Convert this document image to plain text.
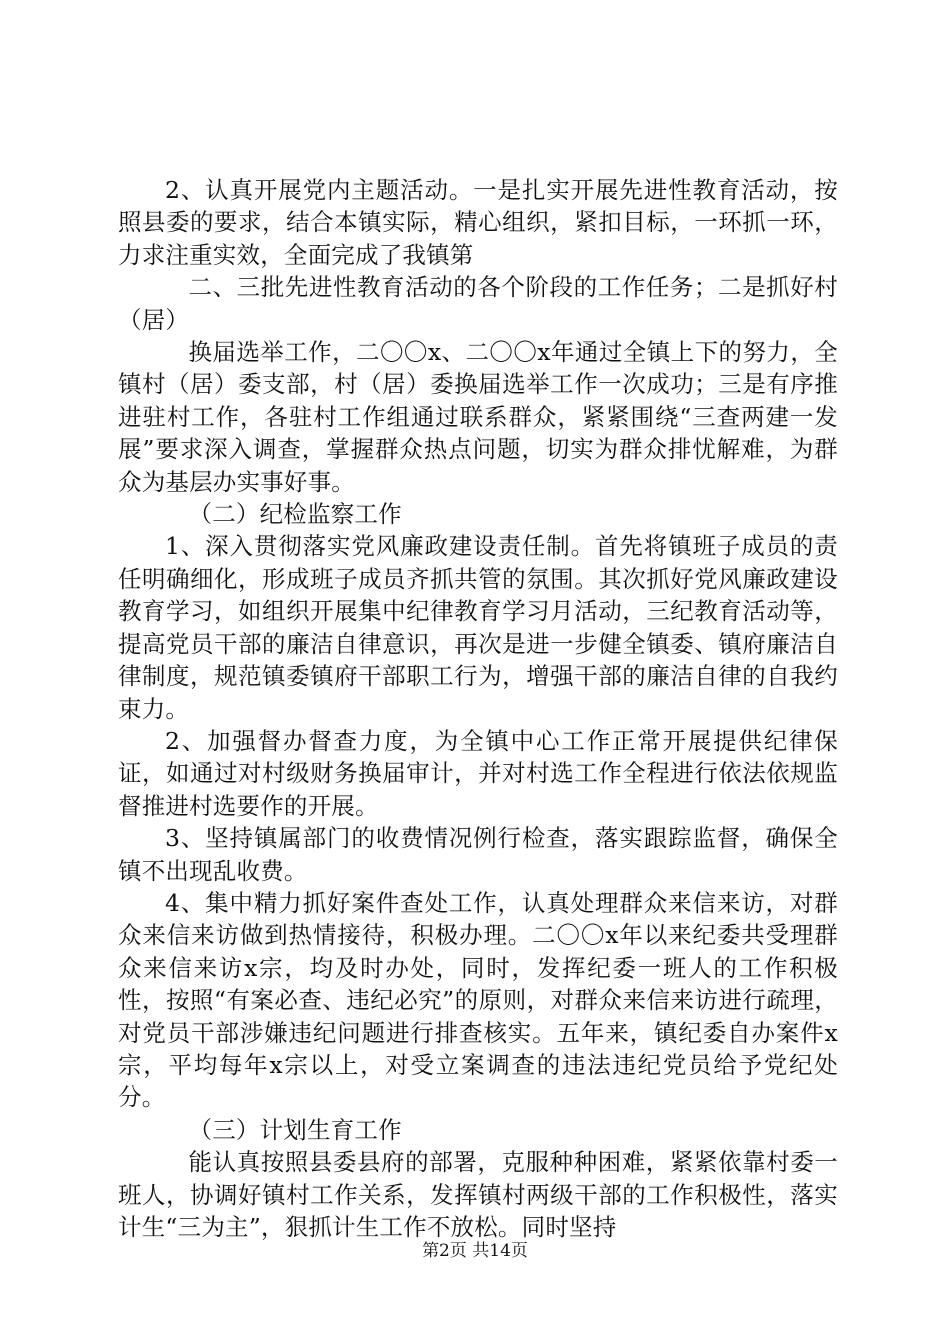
2、认真开展党内主题活动。一是扎实开展先进性教育活动，按照县委的要求，结合本镇实际，精心组织，紧扣目标，一环抓一环，力求注重实效，全面完成了我镇第

二、三批先进性教育活动的各个阶段的工作任务；二是抓好村（居）

换届选举工作，二〇〇x、二〇〇x年通过全镇上下的努力，全镇村（居）委支部，村（居）委换届选举工作一次成功；三是有序推进驻村工作，各驻村工作组通过联系群众，紧紧围绕“三查两建一发展”要求深入调查，掌握群众热点问题，切实为群众排忧解难，为群众为基层办实事好事。

（二）纪检监察工作

1、深入贯彻落实党风廉政建设责任制。首先将镇班子成员的责任明确细化，形成班子成员齐抓共管的氛围。其次抓好党风廉政建设教育学习，如组织开展集中纪律教育学习月活动，三纪教育活动等，提高党员干部的廉洁自律意识，再次是进一步健全镇委、镇府廉洁自律制度，规范镇委镇府干部职工行为，增强干部的廉洁自律的自我约束力。

2、加强督办督查力度，为全镇中心工作正常开展提供纪律保证，如通过对村级财务换届审计，并对村选工作全程进行依法依规监督推进村选要作的开展。

3、坚持镇属部门的收费情况例行检查，落实跟踪监督，确保全镇不出现乱收费。

4、集中精力抓好案件查处工作，认真处理群众来信来访，对群众来信来访做到热情接待，积极办理。二〇〇x年以来纪委共受理群众来信来访x宗，均及时办处，同时，发挥纪委一班人的工作积极性，按照“有案必查、违纪必究”的原则，对群众来信来访进行疏理，对党员干部涉嫌违纪问题进行排查核实。五年来，镇纪委自办案件x宗，平均每年x宗以上，对受立案调查的违法违纪党员给予党纪处分。

（三）计划生育工作

能认真按照县委县府的部署，克服种种困难，紧紧依靠村委一班人，协调好镇村工作关系，发挥镇村两级干部的工作积极性，落实计生“三为主”，狠抓计生工作不放松。同时坚持

第2页 共14页
